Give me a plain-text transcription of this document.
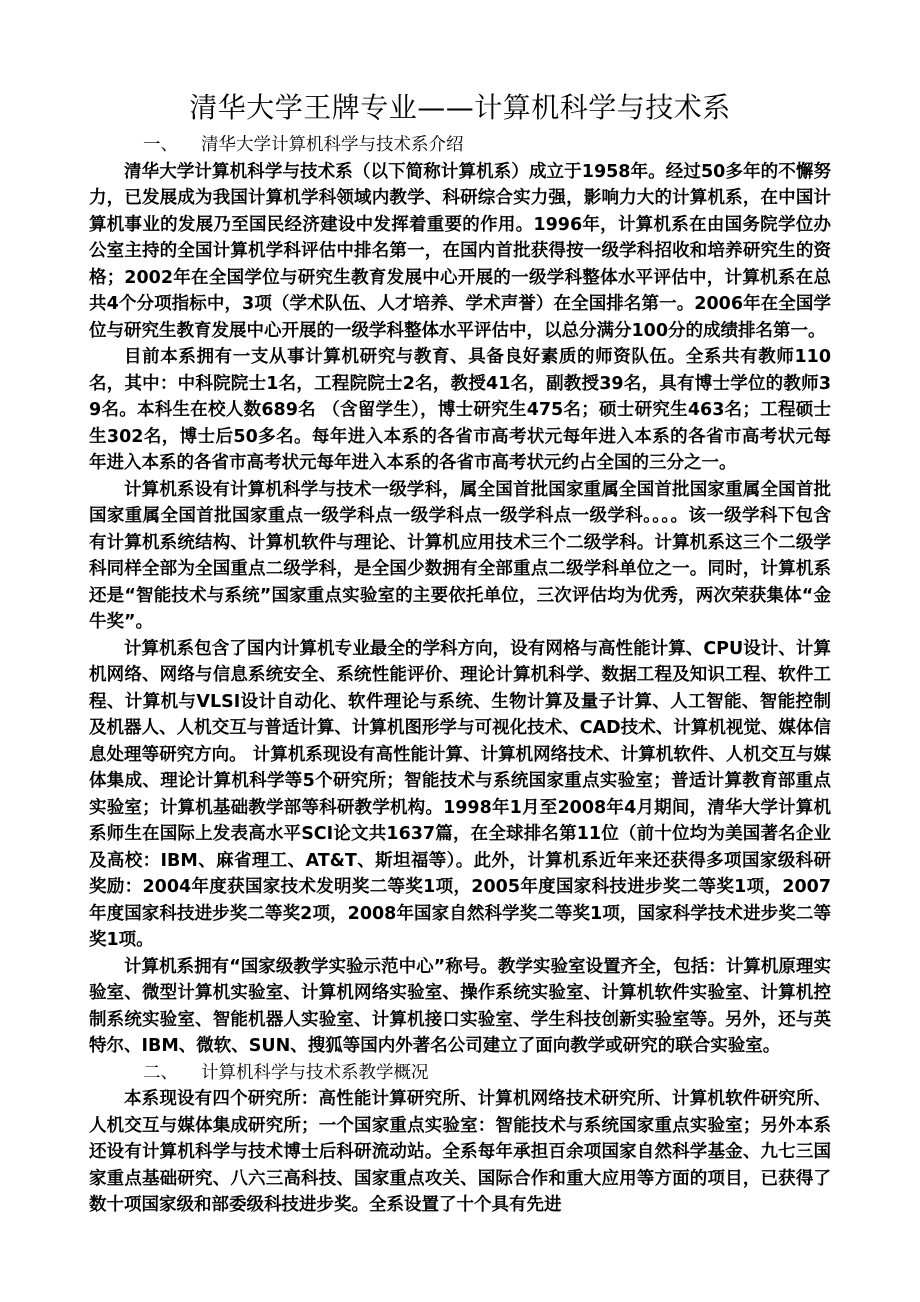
清华大学王牌专业——计算机科学与技术系

一、 清华大学计算机科学与技术系介绍

清华大学计算机科学与技术系（以下简称计算机系）成立于1958年。经过50多年的不懈努力，已发展成为我国计算机学科领域内教学、科研综合实力强，影响力大的计算机系，在中国计算机事业的发展乃至国民经济建设中发挥着重要的作用。1996年，计算机系在由国务院学位办公室主持的全国计算机学科评估中排名第一，在国内首批获得按一级学科招收和培养研究生的资格；2002年在全国学位与研究生教育发展中心开展的一级学科整体水平评估中，计算机系在总共4个分项指标中，3项（学术队伍、人才培养、学术声誉）在全国排名第一。2006年在全国学位与研究生教育发展中心开展的一级学科整体水平评估中，以总分满分100分的成绩排名第一。

目前本系拥有一支从事计算机研究与教育、具备良好素质的师资队伍。全系共有教师110名，其中：中科院院士1名，工程院院士2名，教授41名，副教授39名，具有博士学位的教师39名。本科生在校人数689名 （含留学生），博士研究生475名；硕士研究生463名；工程硕士生302名，博士后50多名。每年进入本系的各省市高考状元每年进入本系的各省市高考状元每年进入本系的各省市高考状元每年进入本系的各省市高考状元约占全国的三分之一。

计算机系设有计算机科学与技术一级学科，属全国首批国家重属全国首批国家重属全国首批国家重属全国首批国家重点一级学科点一级学科点一级学科点一级学科。。。。该一级学科下包含有计算机系统结构、计算机软件与理论、计算机应用技术三个二级学科。计算机系这三个二级学科同样全部为全国重点二级学科，是全国少数拥有全部重点二级学科单位之一。同时，计算机系还是“智能技术与系统”国家重点实验室的主要依托单位，三次评估均为优秀，两次荣获集体“金牛奖”。

计算机系包含了国内计算机专业最全的学科方向，设有网格与高性能计算、CPU设计、计算机网络、网络与信息系统安全、系统性能评价、理论计算机科学、数据工程及知识工程、软件工程、计算机与VLSI设计自动化、软件理论与系统、生物计算及量子计算、人工智能、智能控制及机器人、人机交互与普适计算、计算机图形学与可视化技术、CAD技术、计算机视觉、媒体信息处理等研究方向。 计算机系现设有高性能计算、计算机网络技术、计算机软件、人机交互与媒体集成、理论计算机科学等5个研究所；智能技术与系统国家重点实验室；普适计算教育部重点实验室；计算机基础教学部等科研教学机构。1998年1月至2008年4月期间，清华大学计算机系师生在国际上发表高水平SCI论文共1637篇，在全球排名第11位（前十位均为美国著名企业及高校：IBM、麻省理工、AT&T、斯坦福等）。此外，计算机系近年来还获得多项国家级科研奖励：2004年度获国家技术发明奖二等奖1项，2005年度国家科技进步奖二等奖1项，2007年度国家科技进步奖二等奖2项，2008年国家自然科学奖二等奖1项，国家科学技术进步奖二等奖1项。

计算机系拥有“国家级教学实验示范中心”称号。教学实验室设置齐全，包括：计算机原理实验室、微型计算机实验室、计算机网络实验室、操作系统实验室、计算机软件实验室、计算机控制系统实验室、智能机器人实验室、计算机接口实验室、学生科技创新实验室等。另外，还与英特尔、IBM、微软、SUN、搜狐等国内外著名公司建立了面向教学或研究的联合实验室。

二、 计算机科学与技术系教学概况

本系现设有四个研究所：高性能计算研究所、计算机网络技术研究所、计算机软件研究所、人机交互与媒体集成研究所；一个国家重点实验室：智能技术与系统国家重点实验室；另外本系还设有计算机科学与技术博士后科研流动站。全系每年承担百余项国家自然科学基金、九七三国家重点基础研究、八六三高科技、国家重点攻关、国际合作和重大应用等方面的项目，已获得了数十项国家级和部委级科技进步奖。全系设置了十个具有先进
